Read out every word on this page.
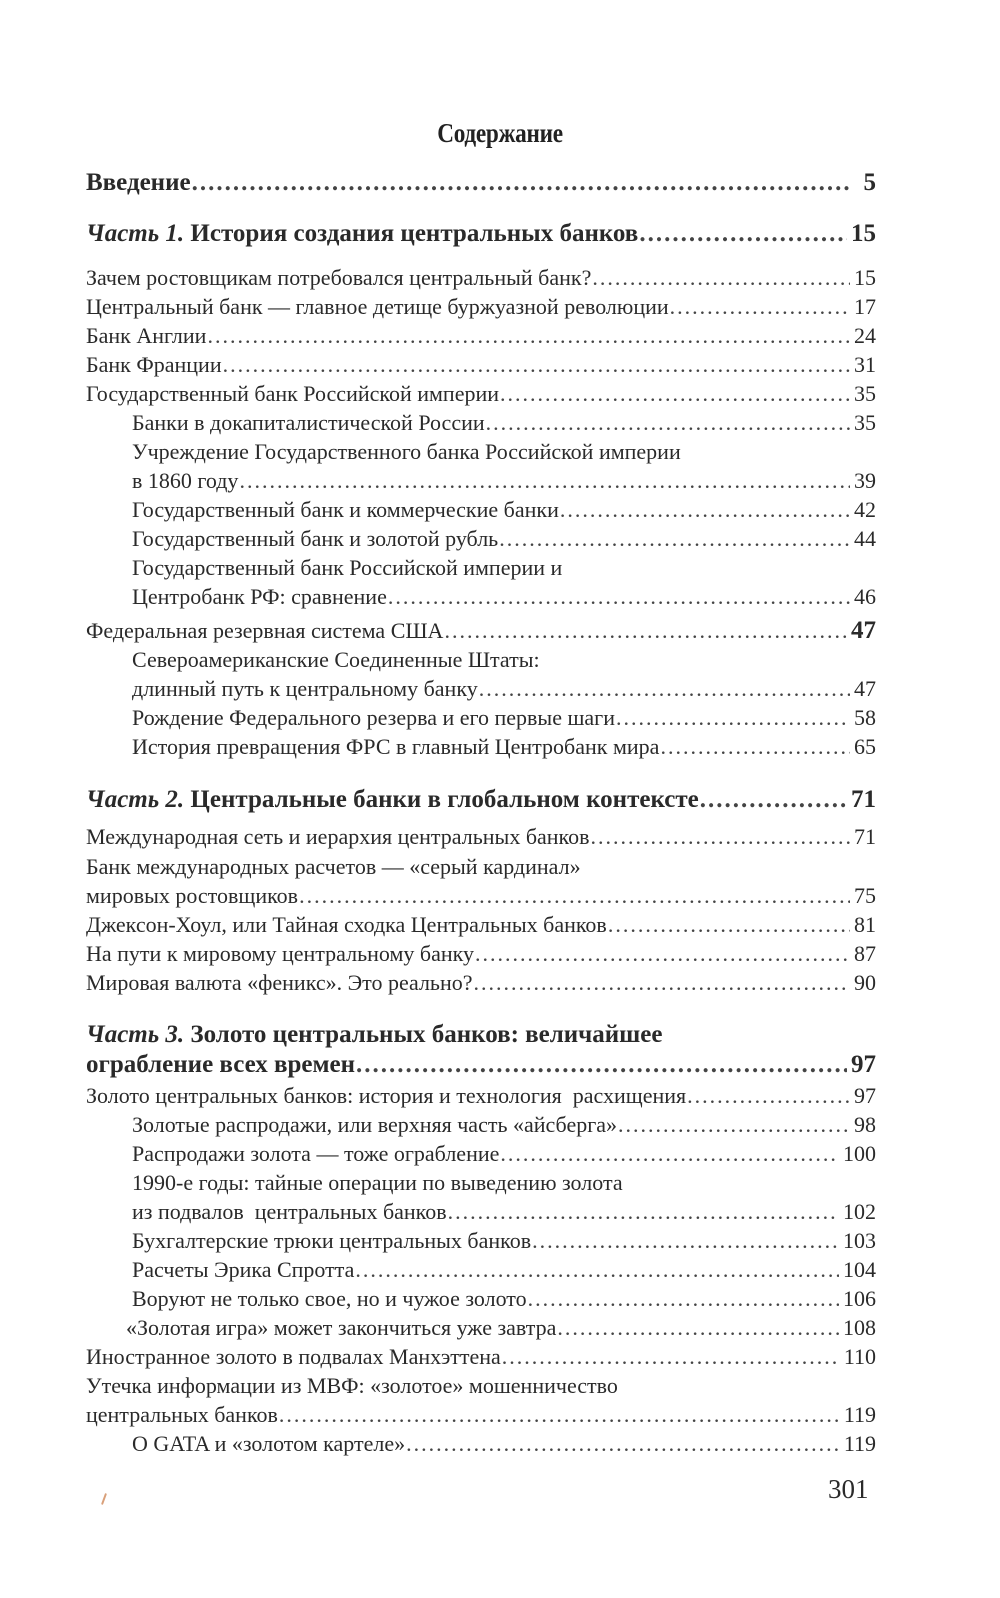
Содержание
Введение .....	5
Часть 1. История создания центральных банков .....	15
Зачем ростовщикам потребовался центральный банк? .....	15
Центральный банк — главное детище буржуазной революции .....	17
Банк Англии .....	24
Банк Франции .....	31
Государственный банк Российской империи .....	35
Банки в докапиталистической России .....	35
Учреждение Государственного банка Российской империи
в 1860 году .....	39
Государственный банк и коммерческие банки .....	42
Государственный банк и золотой рубль .....	44
Государственный банк Российской империи и
Центробанк РФ: сравнение .....	46
Федеральная резервная система США .....	47
Североамериканские Соединенные Штаты:
длинный путь к центральному банку .....	47
Рождение Федерального резерва и его первые шаги .....	58
История превращения ФРС в главный Центробанк мира .....	65
Часть 2. Центральные банки в глобальном контексте .....	71
Международная сеть и иерархия центральных банков .....	71
Банк международных расчетов — «серый кардинал»
мировых ростовщиков .....	75
Джексон-Хоул, или Тайная сходка Центральных банков .....	81
На пути к мировому центральному банку .....	87
Мировая валюта «феникс». Это реально? .....	90
Часть 3. Золото центральных банков: величайшее
ограбление всех времен .....	97
Золото центральных банков: история и технология  расхищения .....	97
Золотые распродажи, или верхняя часть «айсберга» .....	98
Распродажи золота — тоже ограбление .....	100
1990-е годы: тайные операции по выведению золота
из подвалов  центральных банков .....	102
Бухгалтерские трюки центральных банков .....	103
Расчеты Эрика Спротта .....	104
Воруют не только свое, но и чужое золото .....	106
«Золотая игра» может закончиться уже завтра .....	108
Иностранное золото в подвалах Манхэттена .....	110
Утечка информации из МВФ: «золотое» мошенничество
центральных банков .....	119
О GATA и «золотом картеле» .....	119
301
